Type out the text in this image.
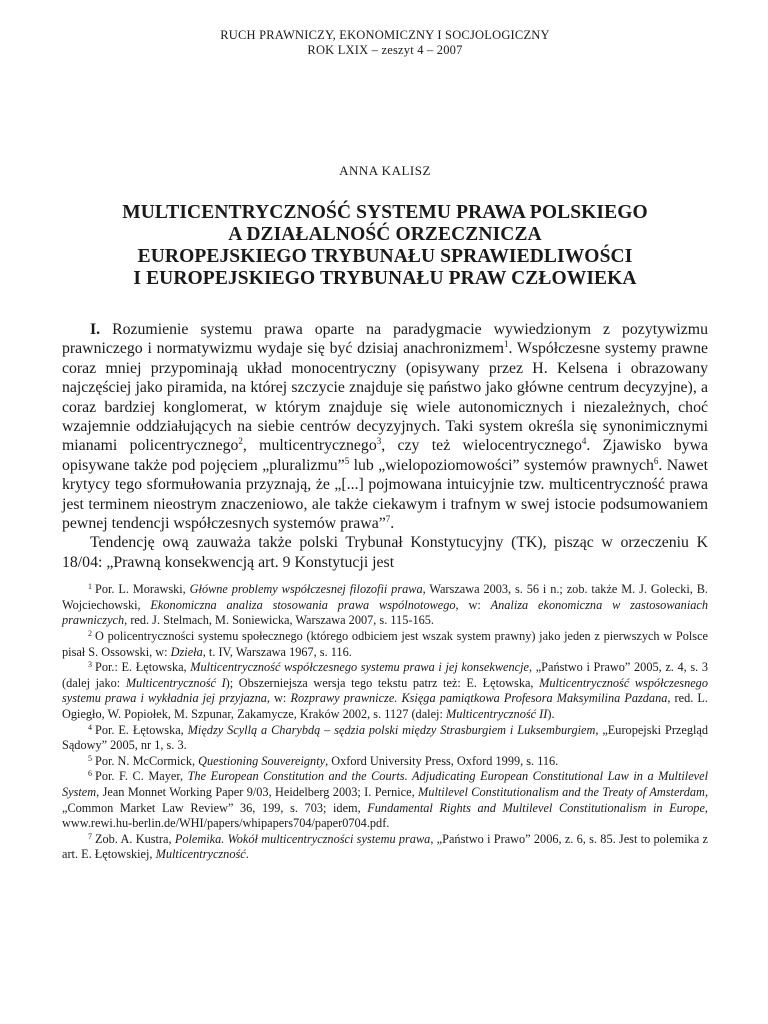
RUCH PRAWNICZY, EKONOMICZNY I SOCJOLOGICZNY
ROK LXIX – zeszyt 4 – 2007
ANNA KALISZ
MULTICENTRYCZNOŚĆ SYSTEMU PRAWA POLSKIEGO
A DZIAŁALNOŚĆ ORZECZNICZA
EUROPEJSKIEGO TRYBUNAŁU SPRAWIEDLIWOŚCI
I EUROPEJSKIEGO TRYBUNAŁU PRAW CZŁOWIEKA

I. Rozumienie systemu prawa oparte na paradygmacie wywiedzionym z pozytywizmu prawniczego i normatywizmu wydaje się być dzisiaj anachronizmem$^1$. Współczesne systemy prawne coraz mniej przypominają układ monocentryczny (opisywany przez H. Kelsena i obrazowany najczęściej jako piramida, na której szczycie znajduje się państwo jako główne centrum decyzyjne), a coraz bardziej konglomerat, w którym znajduje się wiele autonomicznych i niezależnych, choć wzajemnie oddziałujących na siebie centrów decyzyjnych. Taki system określa się synonimicznymi mianami policentrycznego$^2$, multicentrycznego$^3$, czy też wielocentrycznego$^4$. Zjawisko bywa opisywane także pod pojęciem „pluralizmu”$^5$ lub „wielopoziomowości” systemów prawnych$^6$. Nawet krytycy tego sformułowania przyznają, że „[...] pojmowana intuicyjnie tzw. multicentryczność prawa jest terminem nieostrym znaczeniowo, ale także ciekawym i trafnym w swej istocie podsumowaniem pewnej tendencji współczesnych systemów prawa”$^7$.

Tendencję ową zauważa także polski Trybunał Konstytucyjny (TK), pisząc w orzeczeniu K 18/04: „Prawną konsekwencją art. 9 Konstytucji jest

$^1$ Por. L. Morawski, Główne problemy współczesnej filozofii prawa, Warszawa 2003, s. 56 i n.; zob. także M. J. Golecki, B. Wojciechowski, Ekonomiczna analiza stosowania prawa wspólnotowego, w: Analiza ekonomiczna w zastosowaniach prawniczych, red. J. Stelmach, M. Soniewicka, Warszawa 2007, s. 115-165.

$^2$ O policentryczności systemu społecznego (którego odbiciem jest wszak system prawny) jako jeden z pierwszych w Polsce pisał S. Ossowski, w: Dzieła, t. IV, Warszawa 1967, s. 116.

$^3$ Por.: E. Łętowska, Multicentryczność współczesnego systemu prawa i jej konsekwencje, „Państwo i Prawo” 2005, z. 4, s. 3 (dalej jako: Multicentryczność I); Obszerniejsza wersja tego tekstu patrz też: E. Łętowska, Multicentryczność współczesnego systemu prawa i wykładnia jej przyjazna, w: Rozprawy prawnicze. Księga pamiątkowa Profesora Maksymilina Pazdana, red. L. Ogiegło, W. Popiołek, M. Szpunar, Zakamycze, Kraków 2002, s. 1127 (dalej: Multicentryczność II).

$^4$ Por. E. Łętowska, Między Scyllą a Charybdą – sędzia polski między Strasburgiem i Luksemburgiem, „Europejski Przegląd Sądowy” 2005, nr 1, s. 3.

$^5$ Por. N. McCormick, Questioning Souvereignty, Oxford University Press, Oxford 1999, s. 116.

$^6$ Por. F. C. Mayer, The European Constitution and the Courts. Adjudicating European Constitutional Law in a Multilevel System, Jean Monnet Working Paper 9/03, Heidelberg 2003; I. Pernice, Multilevel Constitutionalism and the Treaty of Amsterdam, „Common Market Law Review” 36, 199, s. 703; idem, Fundamental Rights and Multilevel Constitutionalism in Europe, www.rewi.hu-berlin.de/WHI/papers/whipapers704/paper0704.pdf.

$^7$ Zob. A. Kustra, Polemika. Wokół multicentryczności systemu prawa, „Państwo i Prawo” 2006, z. 6, s. 85. Jest to polemika z art. E. Łętowskiej, Multicentryczność.
